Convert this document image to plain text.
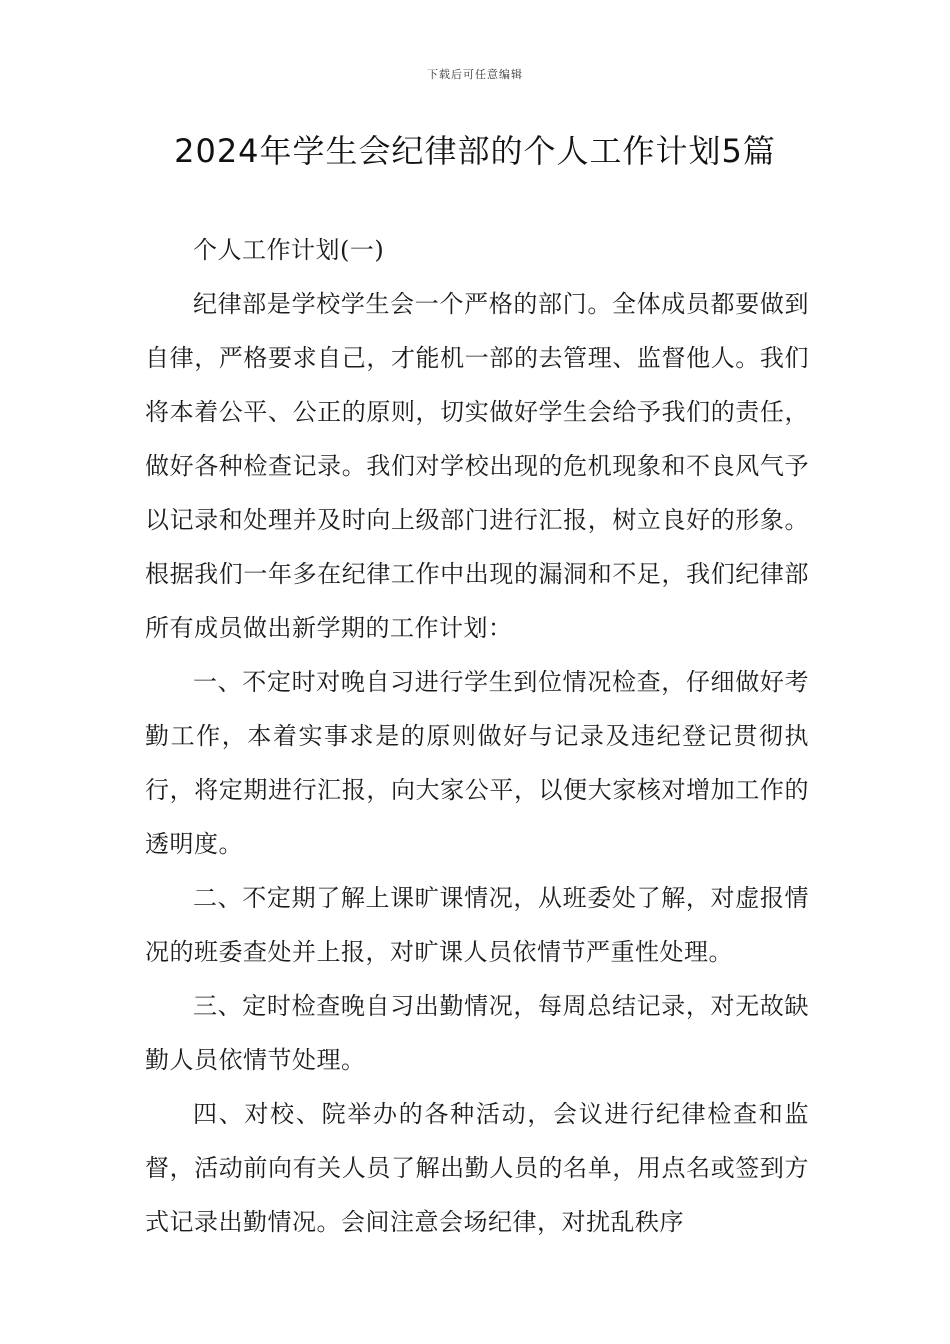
下载后可任意编辑
2024年学生会纪律部的个人工作计划5篇

个人工作计划(一)

纪律部是学校学生会一个严格的部门。全体成员都要做到自律，严格要求自己，才能机一部的去管理、监督他人。我们将本着公平、公正的原则，切实做好学生会给予我们的责任，做好各种检查记录。我们对学校出现的危机现象和不良风气予以记录和处理并及时向上级部门进行汇报，树立良好的形象。根据我们一年多在纪律工作中出现的漏洞和不足，我们纪律部所有成员做出新学期的工作计划：

一、不定时对晚自习进行学生到位情况检查，仔细做好考勤工作，本着实事求是的原则做好与记录及违纪登记贯彻执行，将定期进行汇报，向大家公平，以便大家核对增加工作的透明度。

二、不定期了解上课旷课情况，从班委处了解，对虚报情况的班委查处并上报，对旷课人员依情节严重性处理。

三、定时检查晚自习出勤情况，每周总结记录，对无故缺勤人员依情节处理。

四、对校、院举办的各种活动，会议进行纪律检查和监督，活动前向有关人员了解出勤人员的名单，用点名或签到方式记录出勤情况。会间注意会场纪律，对扰乱秩序
